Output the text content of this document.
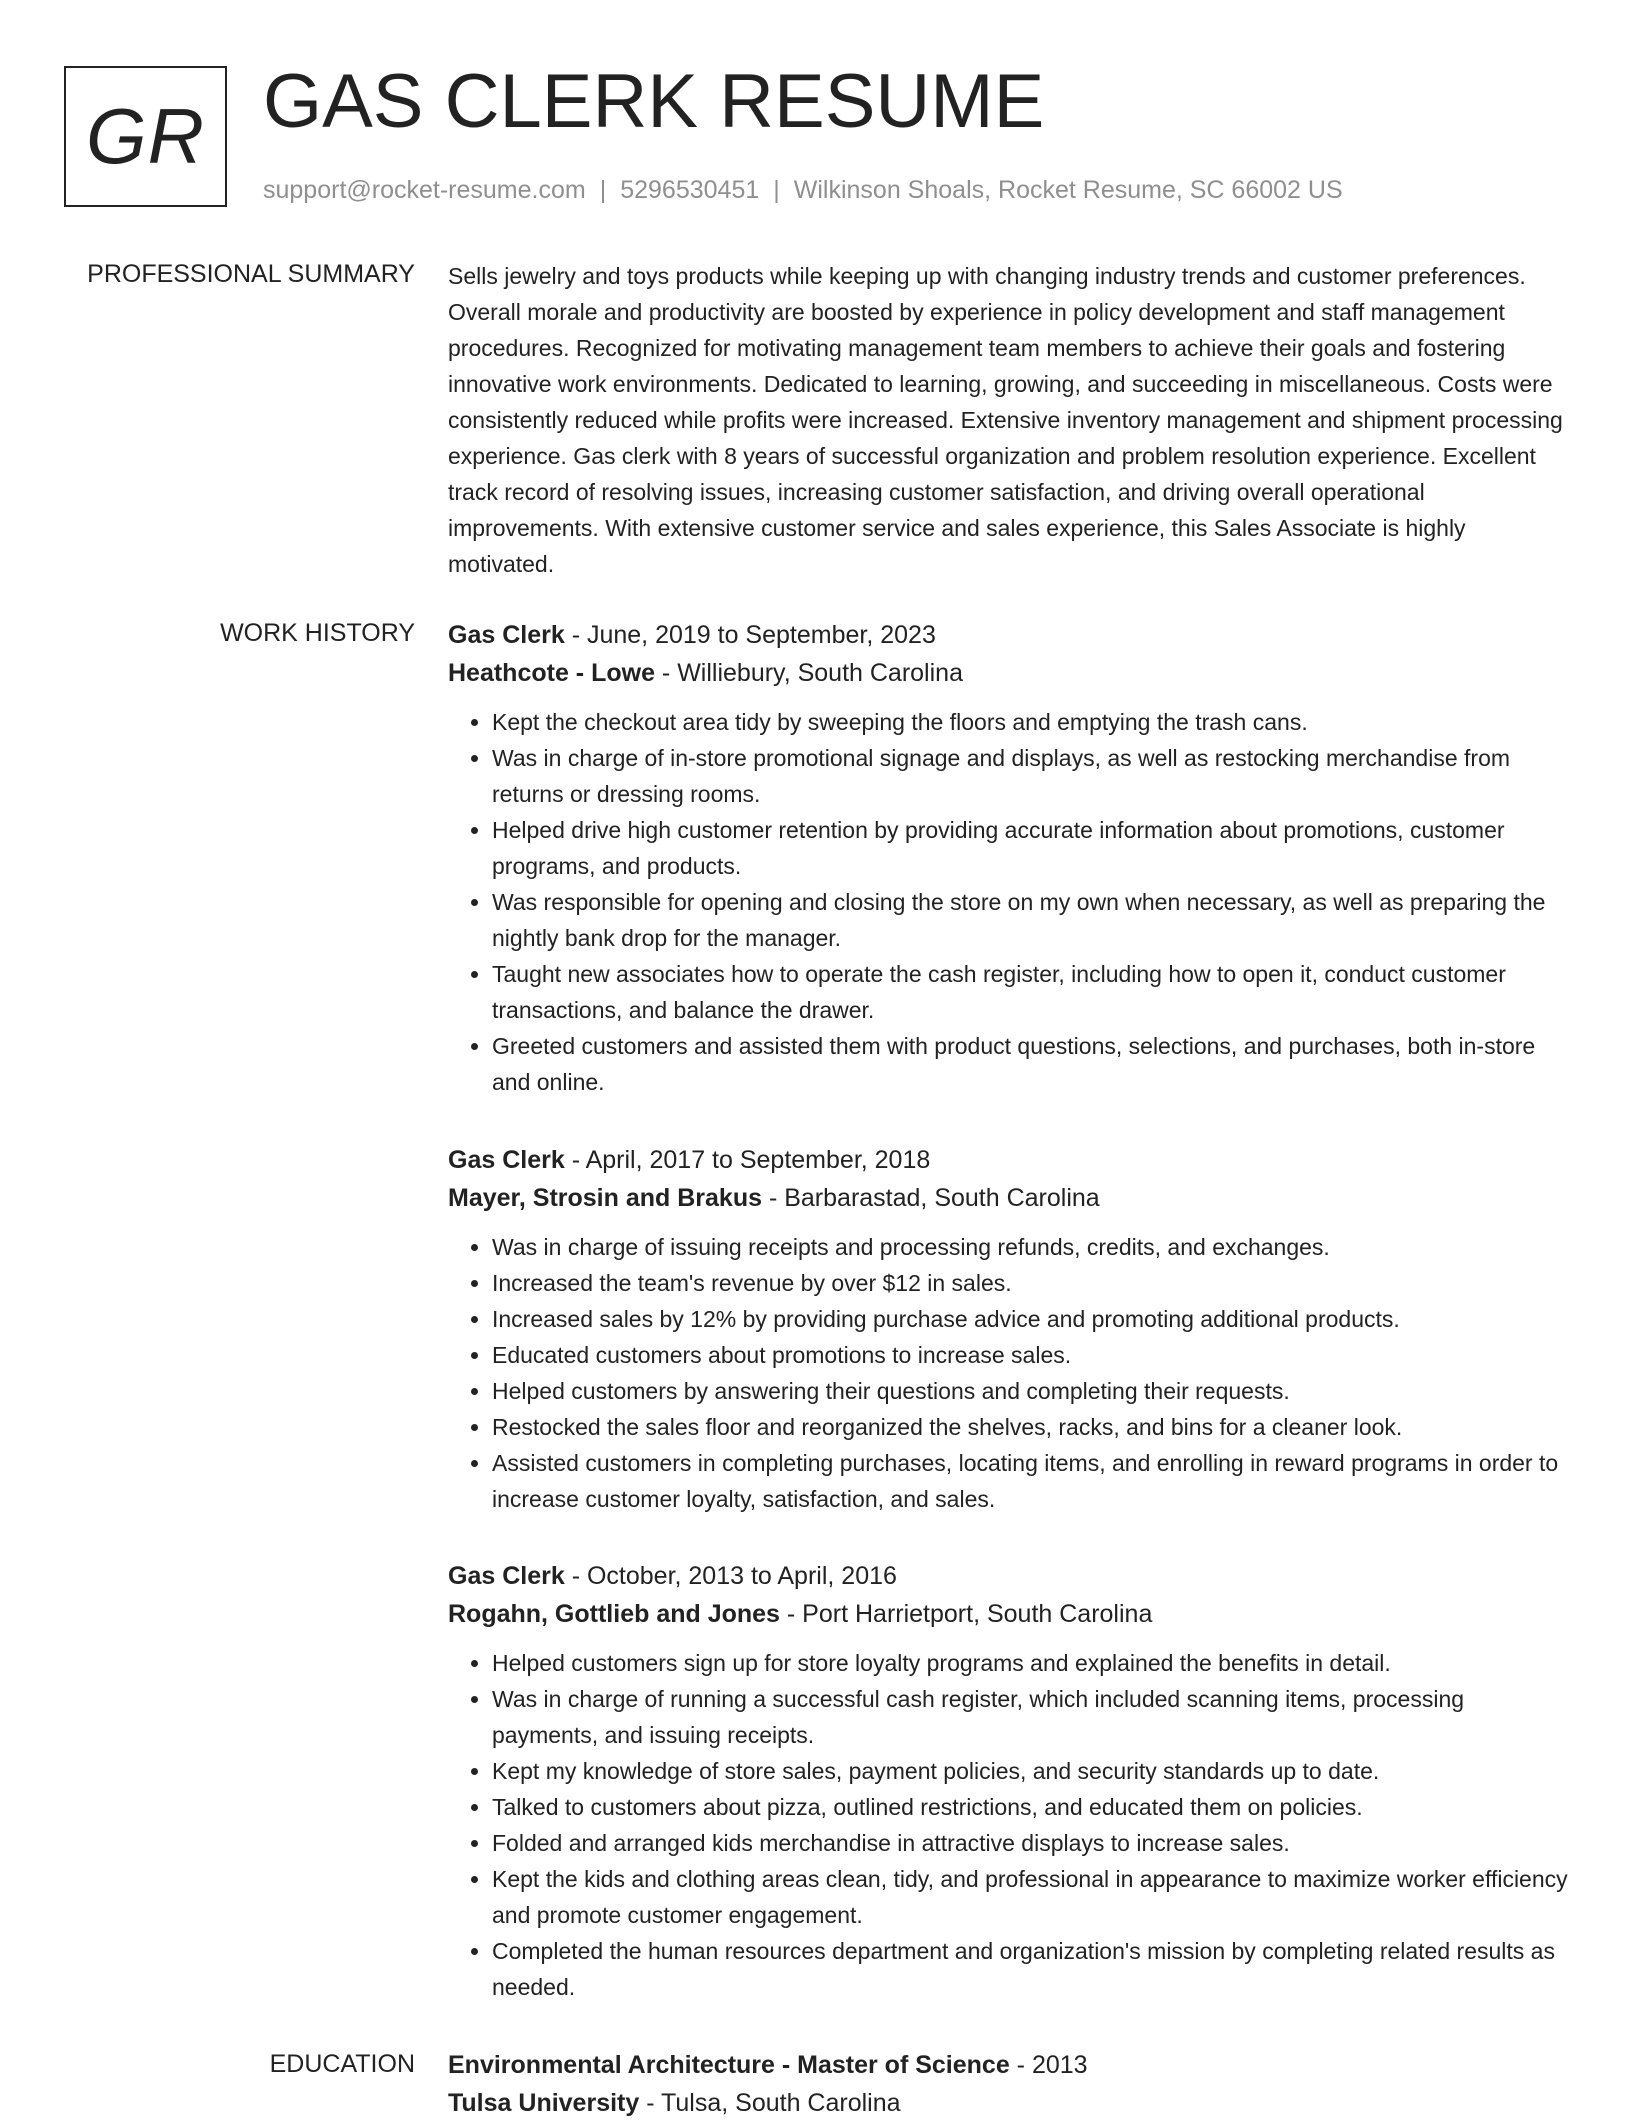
GR GAS CLERK RESUME
support@rocket-resume.com | 5296530451 | Wilkinson Shoals, Rocket Resume, SC 66002 US
PROFESSIONAL SUMMARY Sells jewelry and toys products while keeping up with changing industry trends and customer preferences. Overall morale and productivity are boosted by experience in policy development and staff management procedures. Recognized for motivating management team members to achieve their goals and fostering innovative work environments. Dedicated to learning, growing, and succeeding in miscellaneous. Costs were consistently reduced while profits were increased. Extensive inventory management and shipment processing experience. Gas clerk with 8 years of successful organization and problem resolution experience. Excellent track record of resolving issues, increasing customer satisfaction, and driving overall operational improvements. With extensive customer service and sales experience, this Sales Associate is highly motivated.

WORK HISTORY Gas Clerk - June, 2019 to September, 2023
Heathcote - Lowe - Williebury, South Carolina
• Kept the checkout area tidy by sweeping the floors and emptying the trash cans.
• Was in charge of in-store promotional signage and displays, as well as restocking merchandise from returns or dressing rooms.
• Helped drive high customer retention by providing accurate information about promotions, customer programs, and products.
• Was responsible for opening and closing the store on my own when necessary, as well as preparing the nightly bank drop for the manager.
• Taught new associates how to operate the cash register, including how to open it, conduct customer transactions, and balance the drawer.
• Greeted customers and assisted them with product questions, selections, and purchases, both in-store and online.
Gas Clerk - April, 2017 to September, 2018
Mayer, Strosin and Brakus - Barbarastad, South Carolina
• Was in charge of issuing receipts and processing refunds, credits, and exchanges.
• Increased the team's revenue by over $12 in sales.
• Increased sales by 12% by providing purchase advice and promoting additional products.
• Educated customers about promotions to increase sales.
• Helped customers by answering their questions and completing their requests.
• Restocked the sales floor and reorganized the shelves, racks, and bins for a cleaner look.
• Assisted customers in completing purchases, locating items, and enrolling in reward programs in order to increase customer loyalty, satisfaction, and sales.
Gas Clerk - October, 2013 to April, 2016
Rogahn, Gottlieb and Jones - Port Harrietport, South Carolina
• Helped customers sign up for store loyalty programs and explained the benefits in detail.
• Was in charge of running a successful cash register, which included scanning items, processing payments, and issuing receipts.
• Kept my knowledge of store sales, payment policies, and security standards up to date.
• Talked to customers about pizza, outlined restrictions, and educated them on policies.
• Folded and arranged kids merchandise in attractive displays to increase sales.
• Kept the kids and clothing areas clean, tidy, and professional in appearance to maximize worker efficiency and promote customer engagement.
• Completed the human resources department and organization's mission by completing related results as needed.
EDUCATION Environmental Architecture - Master of Science - 2013
Tulsa University - Tulsa, South Carolina
